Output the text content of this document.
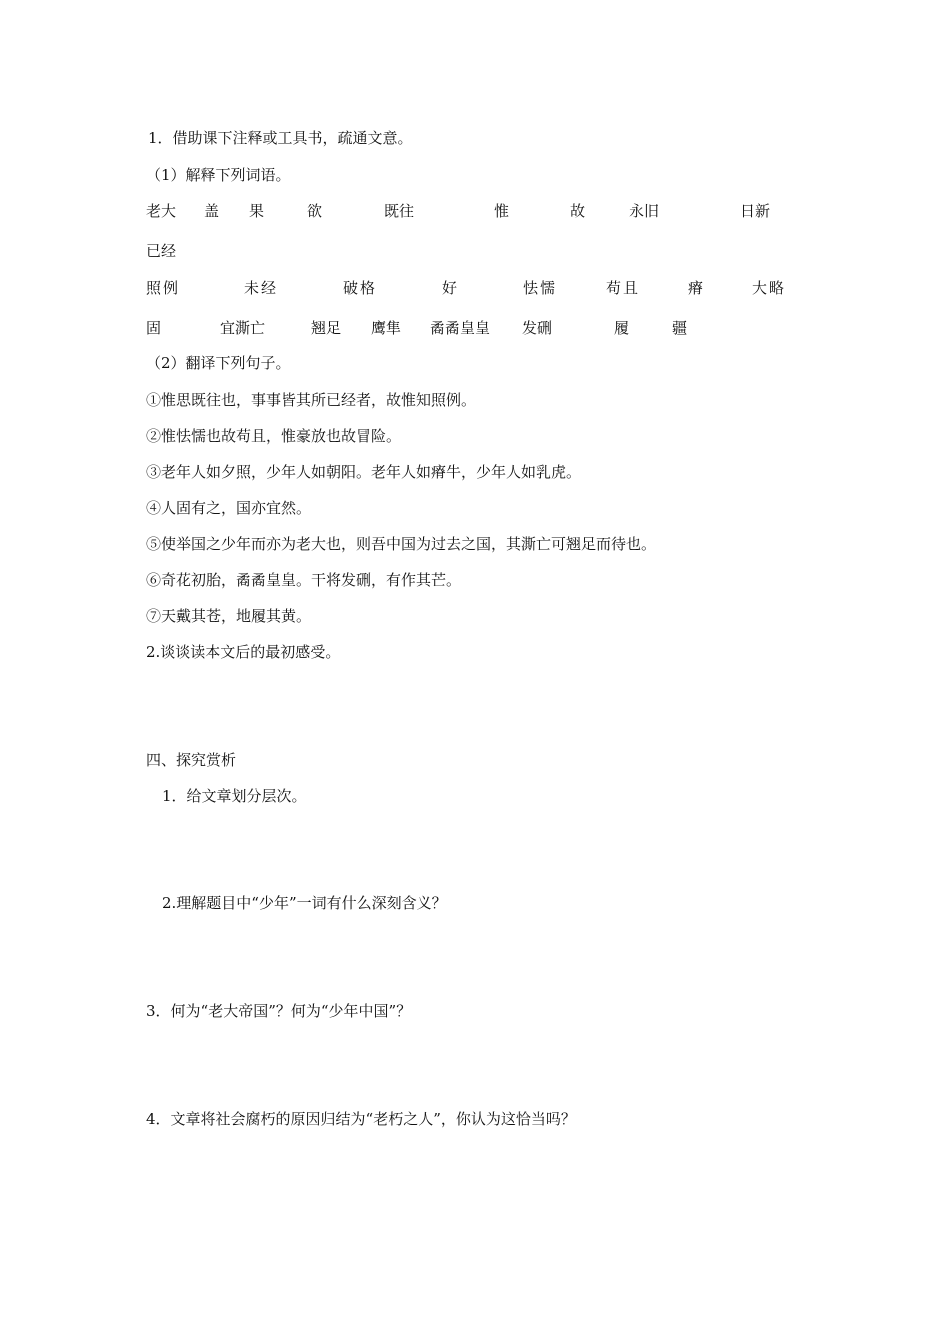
1．借助课下注释或工具书，疏通文意。
（1）解释下列词语。
老大 盖 果	欲	既往	惟	故	永旧	日新
已经
照例	未经	破格	好	怯懦	苟且	瘠	大略
固	宜澌亡	翘足 鹰隼 矞矞皇皇 发硎	履	疆
（2）翻译下列句子。
①惟思既往也，事事皆其所已经者，故惟知照例。
②惟怯懦也故苟且，惟豪放也故冒险。
③老年人如夕照，少年人如朝阳。老年人如瘠牛，少年人如乳虎。
④人固有之，国亦宜然。
⑤使举国之少年而亦为老大也，则吾中国为过去之国，其澌亡可翘足而待也。
⑥奇花初胎，矞矞皇皇。干将发硎，有作其芒。
⑦天戴其苍，地履其黄。
2.谈谈读本文后的最初感受。
四、探究赏析
1．给文章划分层次。
2.理解题目中“少年”一词有什么深刻含义？
3．何为“老大帝国”？何为“少年中国”？
4．文章将社会腐朽的原因归结为“老朽之人”，你认为这恰当吗？
